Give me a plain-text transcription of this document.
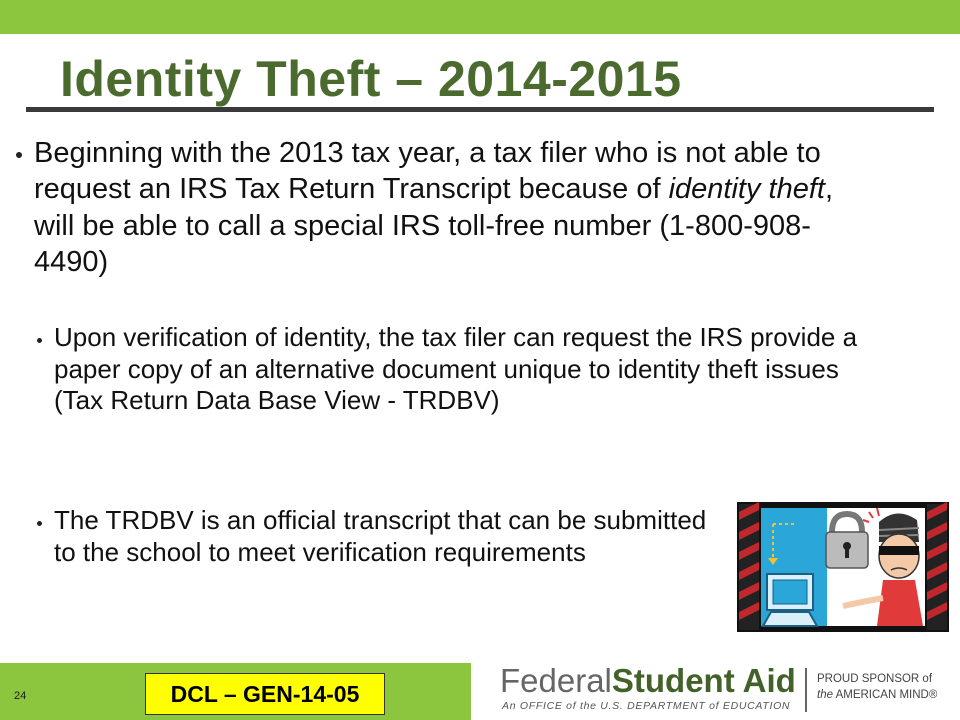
Identity Theft – 2014-2015
Beginning with the 2013 tax year, a tax filer who is not able to request an IRS Tax Return Transcript because of identity theft, will be able to call a special IRS toll-free number (1-800-908-4490)
Upon verification of identity, the tax filer can request the IRS provide a paper copy of an alternative document unique to identity theft issues (Tax Return Data Base View - TRDBV)
The TRDBV is an official transcript that can be submitted to the school to meet verification requirements
24	DCL – GEN-14-05	FederalStudent Aid
An OFFICE of the U.S. DEPARTMENT of EDUCATION
PROUD SPONSOR of
the AMERICAN MIND®
